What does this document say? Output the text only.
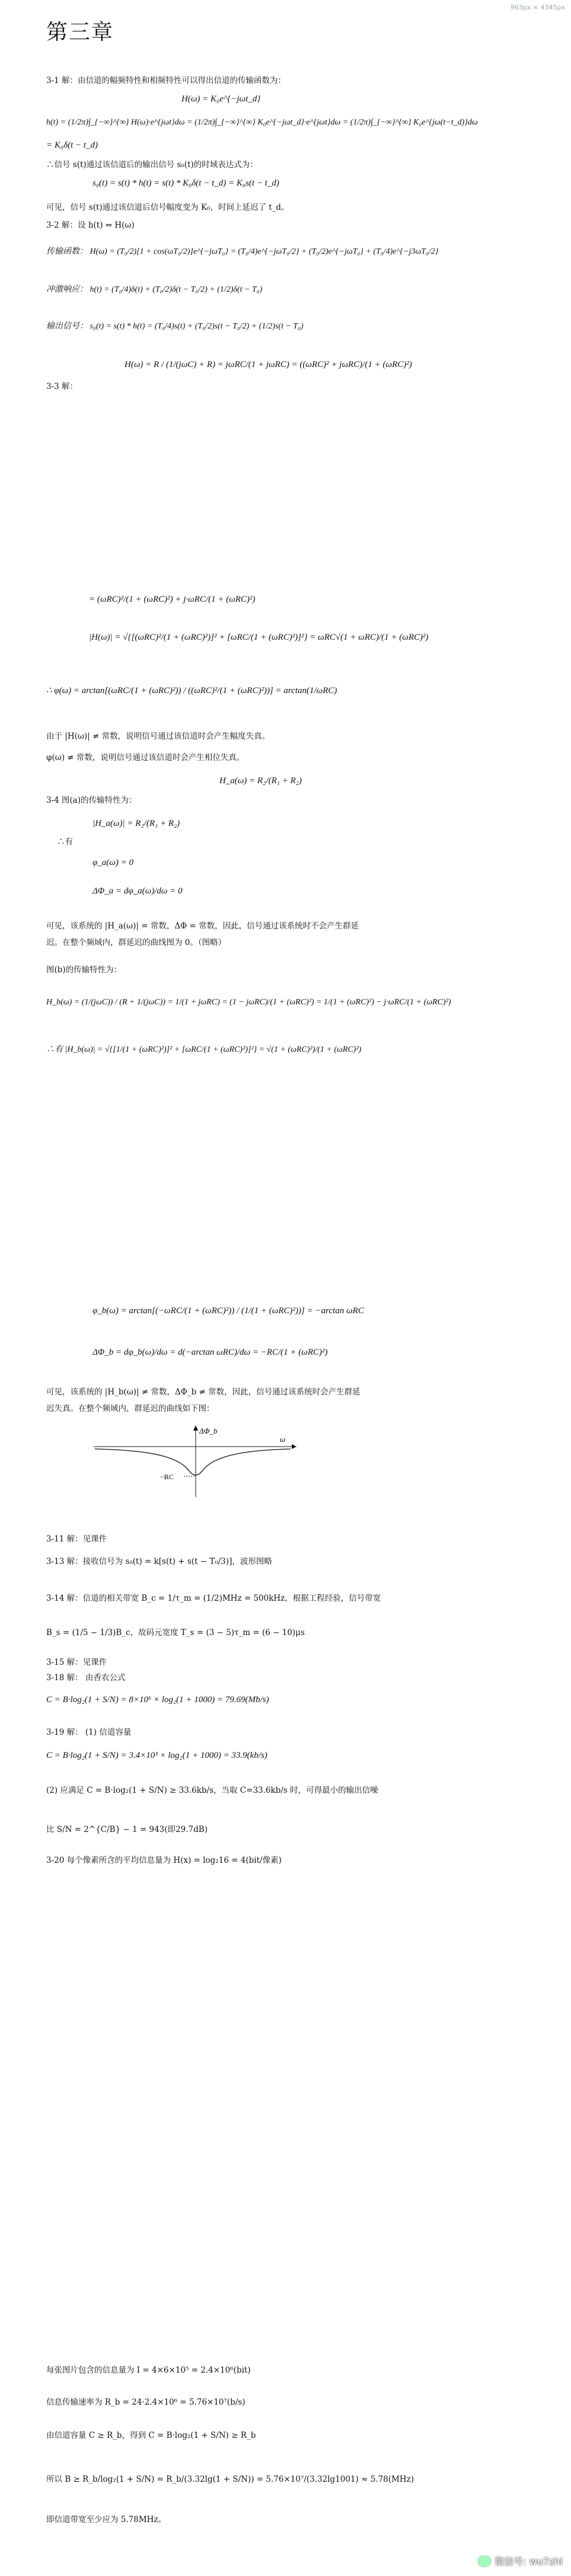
963px × 4345px
第三章
3-1 解：由信道的幅频特性和相频特性可以得出信道的传输函数为：
H(ω) = K₀e^{−jωt_d}
h(t) = (1/2π)∫_{−∞}^{∞} H(ω)·e^{jωt}dω = (1/2π)∫_{−∞}^{∞} K₀e^{−jωt_d}·e^{jωt}dω = (1/2π)∫_{−∞}^{∞} K₀e^{jω(t−t_d)}dω
= K₀δ(t − t_d)
∴信号 s(t)通过该信道后的输出信号 s₀(t)的时域表达式为：
s₀(t) = s(t) * h(t) = s(t) * K₀δ(t − t_d) = K₀s(t − t_d)
可见，信号 s(t)通过该信道后信号幅度变为 K₀，时间上延迟了 t_d。
3-2 解：设 h(t) ⇔ H(ω)
传输函数： H(ω) = (T₀/2)[1 + cos(ωT₀/2)]e^{−jωT₀} = (T₀/4)e^{−jωT₀/2} + (T₀/2)e^{−jωT₀} + (T₀/4)e^{−j3ωT₀/2}
冲激响应： h(t) = (T₀/4)δ(t) + (T₀/2)δ(t − T₀/2) + (1/2)δ(t − T₀)
输出信号： s₀(t) = s(t) * h(t) = (T₀/4)s(t) + (T₀/2)s(t − T₀/2) + (1/2)s(t − T₀)
H(ω) = R / (1/(jωC) + R) = jωRC/(1 + jωRC) = ((ωRC)² + jωRC)/(1 + (ωRC)²)
3-3 解：
= (ωRC)²/(1 + (ωRC)²) + j·ωRC/(1 + (ωRC)²)
|H(ω)| = √{[(ωRC)²/(1 + (ωRC)²)]² + [ωRC/(1 + (ωRC)²)]²} = ωRC√(1 + ωRC)/(1 + (ωRC)²)
∴ φ(ω) = arctan[(ωRC/(1 + (ωRC)²)) / ((ωRC)²/(1 + (ωRC)²))] = arctan(1/ωRC)
由于 |H(ω)| ≠ 常数，说明信号通过该信道时会产生幅度失真。
φ(ω) ≠ 常数，说明信号通过该信道时会产生相位失真。
H_a(ω) = R₂/(R₁ + R₂)
3-4 图(a)的传输特性为：
|H_a(ω)| = R₂/(R₁ + R₂)
∴有
φ_a(ω) = 0
ΔΦ_a = dφ_a(ω)/dω = 0
可见，该系统的 |H_a(ω)| = 常数，ΔΦ = 常数，因此，信号通过该系统时不会产生群延
迟。在整个频域内，群延迟的曲线图为 0。（图略）
图(b)的传输特性为：
H_b(ω) = (1/(jωC)) / (R + 1/(jωC)) = 1/(1 + jωRC) = (1 − jωRC)/(1 + (ωRC)²) = 1/(1 + (ωRC)²) − j·ωRC/(1 + (ωRC)²)
∴有 |H_b(ω)| = √{[1/(1 + (ωRC)²)]² + [ωRC/(1 + (ωRC)²)]²} = √(1 + (ωRC)²)/(1 + (ωRC)²)
φ_b(ω) = arctan[(−ωRC/(1 + (ωRC)²)) / (1/(1 + (ωRC)²))] = −arctan ωRC
ΔΦ_b = dφ_b(ω)/dω = d(−arctan ωRC)/dω = −RC/(1 + (ωRC)²)
可见，该系统的 |H_b(ω)| ≠ 常数，ΔΦ_b ≠ 常数，因此，信号通过该系统时会产生群延
迟失真。在整个频域内，群延迟的曲线如下图：
ΔΦ_b
ω
−RC
3-11 解：见课件
3-13 解：接收信号为 s₀(t) = k[s(t) + s(t − T₀/3)]，波形图略
3-14 解：信道的相关带宽 B_c = 1/τ_m = (1/2)MHz = 500kHz，根据工程经验，信号带宽
B_s = (1/5 − 1/3)B_c，故码元宽度 T_s = (3 − 5)τ_m = (6 − 10)μs
3-15 解：见课件
3-18 解： 由香农公式
C = B·log₂(1 + S/N) = 8×10⁶ × log₂(1 + 1000) = 79.69(Mb/s)
3-19 解： (1) 信道容量
C = B·log₂(1 + S/N) = 3.4×10³ × log₂(1 + 1000) = 33.9(kb/s)
(2) 应满足 C = B·log₂(1 + S/N) ≥ 33.6kb/s，当取 C=33.6kb/s 时，可得最小的输出信噪
比 S/N = 2^{C/B} − 1 = 943(即29.7dB)
3-20 每个像素所含的平均信息量为 H(x) = log₂16 = 4(bit/像素)
每张图片包含的信息量为 I = 4×6×10⁵ = 2.4×10⁶(bit)
信息传输速率为 R_b = 24·2.4×10⁶ = 5.76×10⁷(b/s)
由信道容量 C ≥ R_b，得到 C = B·log₂(1 + S/N) ≥ R_b
所以 B ≥ R_b/log₂(1 + S/N) = R_b/(3.32lg(1 + S/N)) = 5.76×10⁷/(3.32lg1001) ≈ 5.78(MHz)
即信道带宽至少应为 5.78MHz。
微信号: wu7zhi
